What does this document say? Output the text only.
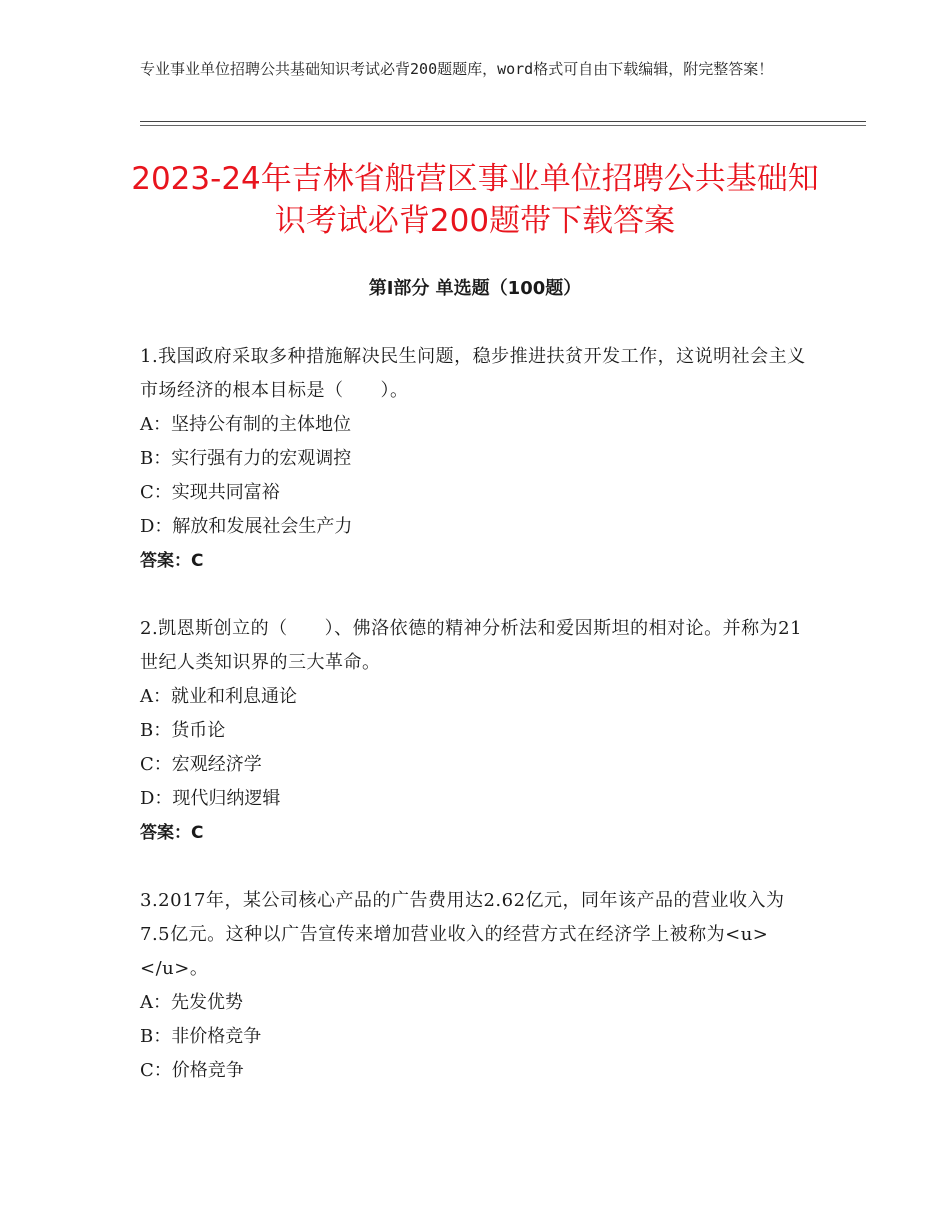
专业事业单位招聘公共基础知识考试必背200题题库，word格式可自由下载编辑，附完整答案！
2023-24年吉林省船营区事业单位招聘公共基础知识考试必背200题带下载答案
第Ⅰ部分 单选题（100题）
1.我国政府采取多种措施解决民生问题，稳步推进扶贫开发工作，这说明社会主义市场经济的根本目标是（　　）。
A：坚持公有制的主体地位
B：实行强有力的宏观调控
C：实现共同富裕
D：解放和发展社会生产力
答案：C
2.凯恩斯创立的（　　）、佛洛依德的精神分析法和爱因斯坦的相对论。并称为21世纪人类知识界的三大革命。
A：就业和利息通论
B：货币论
C：宏观经济学
D：现代归纳逻辑
答案：C
3.2017年，某公司核心产品的广告费用达2.62亿元，同年该产品的营业收入为7.5亿元。这种以广告宣传来增加营业收入的经营方式在经济学上被称为<u>　　　　</u>。
A：先发优势
B：非价格竞争
C：价格竞争
